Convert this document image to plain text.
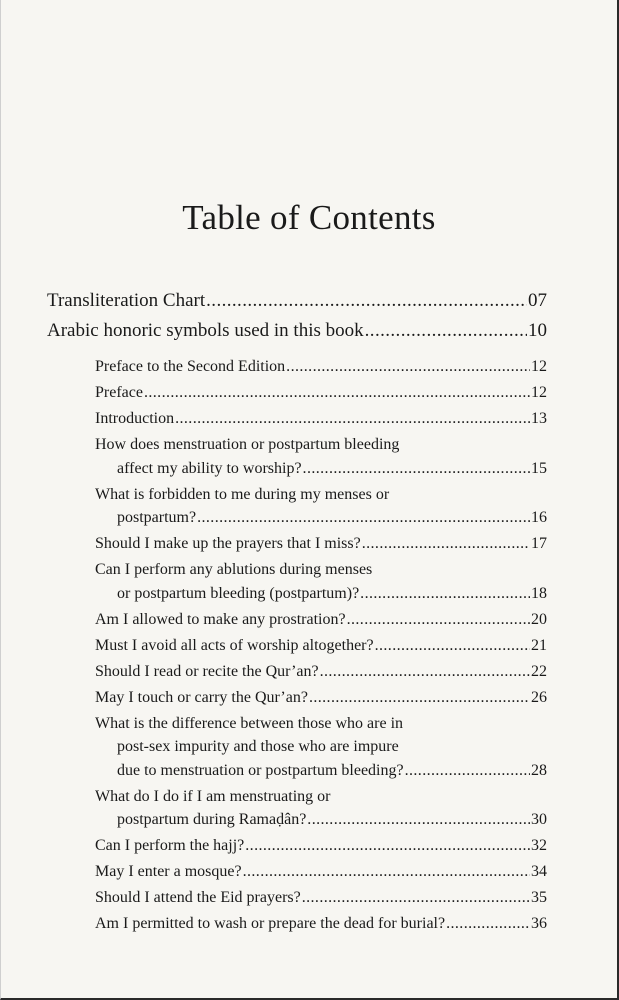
Table of Contents
Transliteration Chart .....	07
Arabic honoric symbols used in this book .....	10
Preface to the Second Edition .....	12
Preface .....	12
Introduction .....	13
How does menstruation or postpartum bleeding
affect my ability to worship? .....	15
What is forbidden to me during my menses or
postpartum? .....	16
Should I make up the prayers that I miss? .....	17
Can I perform any ablutions during menses
or postpartum bleeding (postpartum)? .....	18
Am I allowed to make any prostration? .....	20
Must I avoid all acts of worship altogether? .....	21
Should I read or recite the Qur’an? .....	22
May I touch or carry the Qur’an? .....	26
What is the difference between those who are in
post-sex impurity and those who are impure
due to menstruation or postpartum bleeding? .....	28
What do I do if I am menstruating or
postpartum during Ramaḍân? .....	30
Can I perform the hajj? .....	32
May I enter a mosque? .....	34
Should I attend the Eid prayers? .....	35
Am I permitted to wash or prepare the dead for burial? .....	36
